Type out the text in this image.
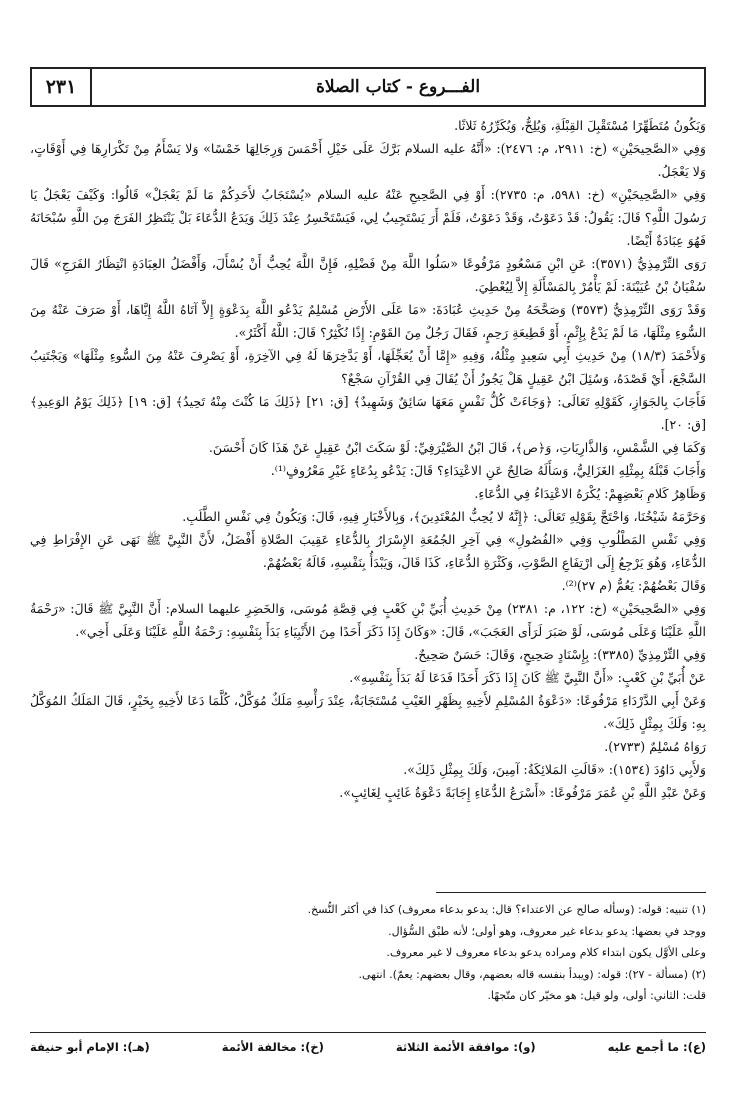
٢٣١	الفـــروع - كتاب الصلاة

وَيَكُونُ مُتَطَهِّرًا مُسْتَقْبِلَ القِبْلَةِ، وَيُلِحُّ، وَيُكَرِّرُهُ ثَلاثًا.

وَفِي «الصَّحِيحَيْنِ» (خ: ٢٩١١، م: ٢٤٧٦): «أَنَّهُ عليه السلام بَرَّكَ عَلَى خَيْلِ أَحْمَسَ وَرِجَالِهَا خَمْسًا» وَلا يَسْأَمُ مِنْ تَكْرَارِهَا فِي أَوْقَاتٍ، وَلا يَعْجَلُ.

وَفِي «الصَّحِيحَيْنِ» (خ: ٥٩٨١، م: ٢٧٣٥): أَوْ فِي الصَّحِيحِ عَنْهُ عليه السلام «يُسْتَجَابُ لأَحَدِكُمْ مَا لَمْ يَعْجَلْ» قَالُوا: وَكَيْفَ يَعْجَلُ يَا رَسُولَ اللَّهِ؟ قَالَ: يَقُولُ: قَدْ دَعَوْتُ، وَقَدْ دَعَوْتُ، فَلَمْ أَرَ يَسْتَجِيبُ لِي، فَيَسْتَحْسِرُ عِنْدَ ذَلِكَ وَيَدَعُ الدُّعَاءَ بَلْ يَنْتَظِرُ الفَرَجَ مِنَ اللَّهِ سُبْحَانَهُ فَهُوَ عِبَادَةٌ أَيْضًا.

رَوَى التِّرْمِذِيُّ (٣٥٧١): عَنِ ابْنِ مَسْعُودٍ مَرْفُوعًا «سَلُوا اللَّهَ مِنْ فَضْلِهِ، فَإِنَّ اللَّهَ يُحِبُّ أَنْ يُسْأَلَ، وَأَفْضَلُ العِبَادَةِ انْتِظَارُ الفَرَجِ» قَالَ سُفْيَانُ بْنُ عُيَيْنَةَ: لَمْ يَأْمُرْ بِالمَسْأَلَةِ إِلاَّ لِيُعْطِيَ.

وَقَدْ رَوَى التِّرْمِذِيُّ (٣٥٧٣) وَصَحَّحَهُ مِنْ حَدِيثِ عُبَادَةَ: «مَا عَلَى الأَرْضِ مُسْلِمٌ يَدْعُو اللَّهَ بِدَعْوَةٍ إِلاَّ آتَاهُ اللَّهُ إِيَّاهَا، أَوْ صَرَفَ عَنْهُ مِنَ السُّوءِ مِثْلَهَا، مَا لَمْ يَدْعُ بِإِثْمٍ، أَوْ قَطِيعَةِ رَحِمٍ، فَقَالَ رَجُلٌ مِنَ القَوْمِ: إِذًا نُكْثِرُ؟ قَالَ: اللَّهُ أَكْثَرُ».

وَلأَحْمَدَ (١٨/٣) مِنْ حَدِيثِ أَبِي سَعِيدٍ مِثْلُهُ، وَفِيهِ «إِمَّا أَنْ يُعَجِّلَهَا، أَوْ يَدَّخِرَهَا لَهُ فِي الآخِرَةِ، أَوْ يَصْرِفَ عَنْهُ مِنَ السُّوءِ مِثْلَهَا» وَيَجْتَنِبُ السَّجْعَ، أَيْ قَصْدَهُ، وَسُئِلَ ابْنُ عَقِيلٍ هَلْ يَجُوزُ أَنْ يُقَالَ فِي القُرْآنِ سَجْعٌ؟

فَأَجَابَ بِالجَوَازِ، كَقَوْلِهِ تَعَالَى: ﴿وَجَاءَتْ كُلُّ نَفْسٍ مَعَهَا سَائِقٌ وَشَهِيدٌ﴾ [ق: ٢١] ﴿ذَلِكَ مَا كُنْتَ مِنْهُ تَحِيدُ﴾ [ق: ١٩] ﴿ذَلِكَ يَوْمُ الوَعِيدِ﴾ [ق: ٢٠].

وَكَمَا فِي الشَّمْسِ، وَالذَّارِيَاتِ، وَ﴿ص﴾، قَالَ ابْنُ الصَّيْرَفِيِّ: لَوْ سَكَتَ ابْنُ عَقِيلٍ عَنْ هَذَا كَانَ أَحْسَنَ.

وَأَجَابَ قَبْلَهُ بِمِثْلِهِ الغَزَالِيُّ، وَسَأَلَهُ صَالِحٌ عَنِ الاعْتِدَاءِ؟ قَالَ: يَدْعُو بِدُعَاءٍ غَيْرِ مَعْرُوفٍ⁽¹⁾.

وَظَاهِرُ كَلامِ بَعْضِهِمْ: يُكْرَهُ الاعْتِدَاءُ فِي الدُّعَاءِ.

وَحَرَّمَهُ شَيْخُنَا، وَاحْتَجَّ بِقَوْلِهِ تَعَالَى: ﴿إِنَّهُ لا يُحِبُّ المُعْتَدِينَ﴾، وَبِالأَخْبَارِ فِيهِ، قَالَ: وَيَكُونُ فِي نَفْسِ الطَّلَبِ.

وَفِي نَفْسِ المَطْلُوبِ وَفِي «الفُصُولِ» فِي آخِرِ الجُمُعَةِ الإِسْرَارُ بِالدُّعَاءِ عَقِيبَ الصَّلاةِ أَفْضَلُ، لأَنَّ النَّبِيَّ ﷺ نَهَى عَنِ الإِفْرَاطِ فِي الدُّعَاءِ، وَهُوَ يَرْجِعُ إِلَى ارْتِفَاعِ الصَّوْتِ، وَكَثْرَةِ الدُّعَاءِ، كَذَا قَالَ، وَيَبْدَأُ بِنَفْسِهِ، قَالَهُ بَعْضُهُمْ.

وَقَالَ بَعْضُهُمْ: يَعُمُّ (م ٢٧)⁽²⁾.

وَفِي «الصَّحِيحَيْنِ» (خ: ١٢٢، م: ٢٣٨١) مِنْ حَدِيثِ أُبَيِّ بْنِ كَعْبٍ فِي قِصَّةِ مُوسَى، وَالخَضِرِ عليهما السلام: أَنَّ النَّبِيَّ ﷺ قَالَ: «رَحْمَةُ اللَّهِ عَلَيْنَا وَعَلَى مُوسَى، لَوْ صَبَرَ لَرَأَى العَجَبَ»، قَالَ: «وَكَانَ إِذَا ذَكَرَ أَحَدًا مِنَ الأَنْبِيَاءِ بَدَأَ بِنَفْسِهِ: رَحْمَةُ اللَّهِ عَلَيْنَا وَعَلَى أَخِي».

وَفِي التِّرْمِذِيِّ (٣٣٨٥): بِإِسْنَادٍ صَحِيحٍ، وَقَالَ: حَسَنٌ صَحِيحٌ.

عَنْ أُبَيِّ بْنِ كَعْبٍ: «أَنَّ النَّبِيَّ ﷺ كَانَ إِذَا ذَكَرَ أَحَدًا فَدَعَا لَهُ بَدَأَ بِنَفْسِهِ».

وَعَنْ أَبِي الدَّرْدَاءِ مَرْفُوعًا: «دَعْوَةُ المُسْلِمِ لأَخِيهِ بِظَهْرِ الغَيْبِ مُسْتَجَابَةٌ، عِنْدَ رَأْسِهِ مَلَكٌ مُوَكَّلٌ، كُلَّمَا دَعَا لأَخِيهِ بِخَيْرٍ، قَالَ المَلَكُ المُوَكَّلُ بِهِ: وَلَكَ بِمِثْلٍ ذَلِكَ».

رَوَاهُ مُسْلِمٌ (٢٧٣٣).

وَلأَبِي دَاوُدَ (١٥٣٤): «قَالَتِ المَلائِكَةُ: آمِينَ، وَلَكَ بِمِثْلِ ذَلِكَ».

وَعَنْ عَبْدِ اللَّهِ بْنِ عُمَرَ مَرْفُوعًا: «أَسْرَعُ الدُّعَاءِ إِجَابَةً دَعْوَةُ غَائِبٍ لِغَائِبٍ».

(١) تنبيه: قوله: (وسأله صالح عن الاعتداء؟ قال: يدعو بدعاء معروف) كذا في أكثر النُّسخ.

ووجد في بعضها: يدعو بدعاء غير معروف، وهو أولى؛ لأنه طبْق السُّؤال.

وعلى الأوَّل يكون ابتداء كلام ومراده يدعو بدعاء معروف لا غير معروف.

(٢) (مسألة - ٢٧): قوله: (ويبدأ بنفسه قاله بعضهم، وقال بعضهم: يعمّ). انتهى.

قلت: الثاني: أولى، ولو قيل: هو مخيّر كان متّجهًا.

(ع): ما أجمع عليه
(و): موافقة الأئمة الثلاثة
(خ): مخالفة الأئمة
(هـ): الإمام أبو حنيفة
